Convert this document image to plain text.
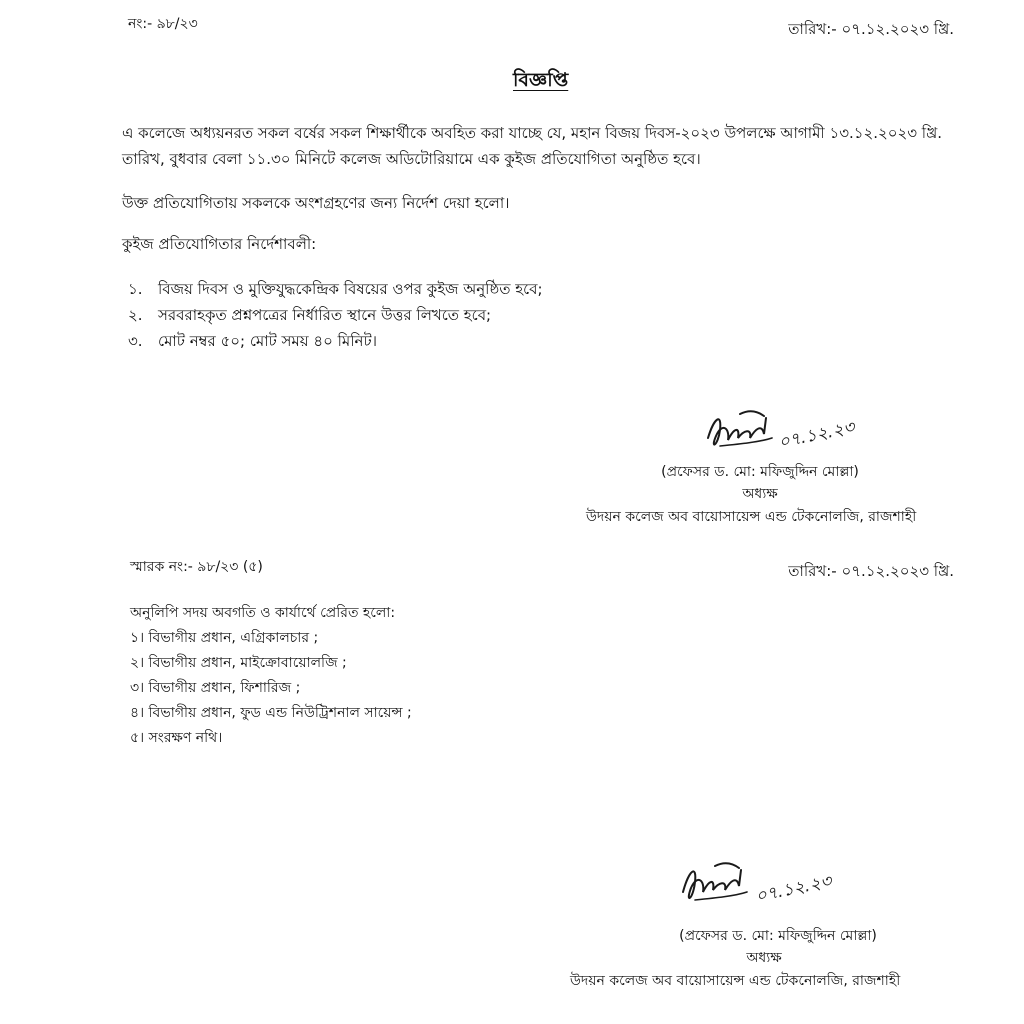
নং:- ৯৮/২৩	তারিখ:- ০৭.১২.২০২৩ খ্রি.
বিজ্ঞপ্তি
এ কলেজে অধ্যয়নরত সকল বর্ষের সকল শিক্ষার্থীকে অবহিত করা যাচ্ছে যে, মহান বিজয় দিবস-২০২৩ উপলক্ষে আগামী ১৩.১২.২০২৩ খ্রি. তারিখ, বুধবার বেলা ১১.৩০ মিনিটে কলেজ অডিটোরিয়ামে এক কুইজ প্রতিযোগিতা অনুষ্ঠিত হবে।
উক্ত প্রতিযোগিতায় সকলকে অংশগ্রহণের জন্য নির্দেশ দেয়া হলো।
কুইজ প্রতিযোগিতার নির্দেশাবলী:
১. বিজয় দিবস ও মুক্তিযুদ্ধকেন্দ্রিক বিষয়ের ওপর কুইজ অনুষ্ঠিত হবে;
২. সরবরাহকৃত প্রশ্নপত্রের নির্ধারিত স্থানে উত্তর লিখতে হবে;
৩. মোট নম্বর ৫০; মোট সময় ৪০ মিনিট।
০৭.১২.২৩
(প্রফেসর ড. মো: মফিজুদ্দিন মোল্লা)
অধ্যক্ষ
উদয়ন কলেজ অব বায়োসায়েন্স এন্ড টেকনোলজি, রাজশাহী
স্মারক নং:- ৯৮/২৩ (৫)	তারিখ:- ০৭.১২.২০২৩ খ্রি.
অনুলিপি সদয় অবগতি ও কার্যার্থে প্রেরিত হলো:
১। বিভাগীয় প্রধান, এগ্রিকালচার ;
২। বিভাগীয় প্রধান, মাইক্রোবায়োলজি ;
৩। বিভাগীয় প্রধান, ফিশারিজ ;
৪। বিভাগীয় প্রধান, ফুড এন্ড নিউট্রিশনাল সায়েন্স ;
৫। সংরক্ষণ নথি।
০৭.১২.২৩
(প্রফেসর ড. মো: মফিজুদ্দিন মোল্লা)
অধ্যক্ষ
উদয়ন কলেজ অব বায়োসায়েন্স এন্ড টেকনোলজি, রাজশাহী
